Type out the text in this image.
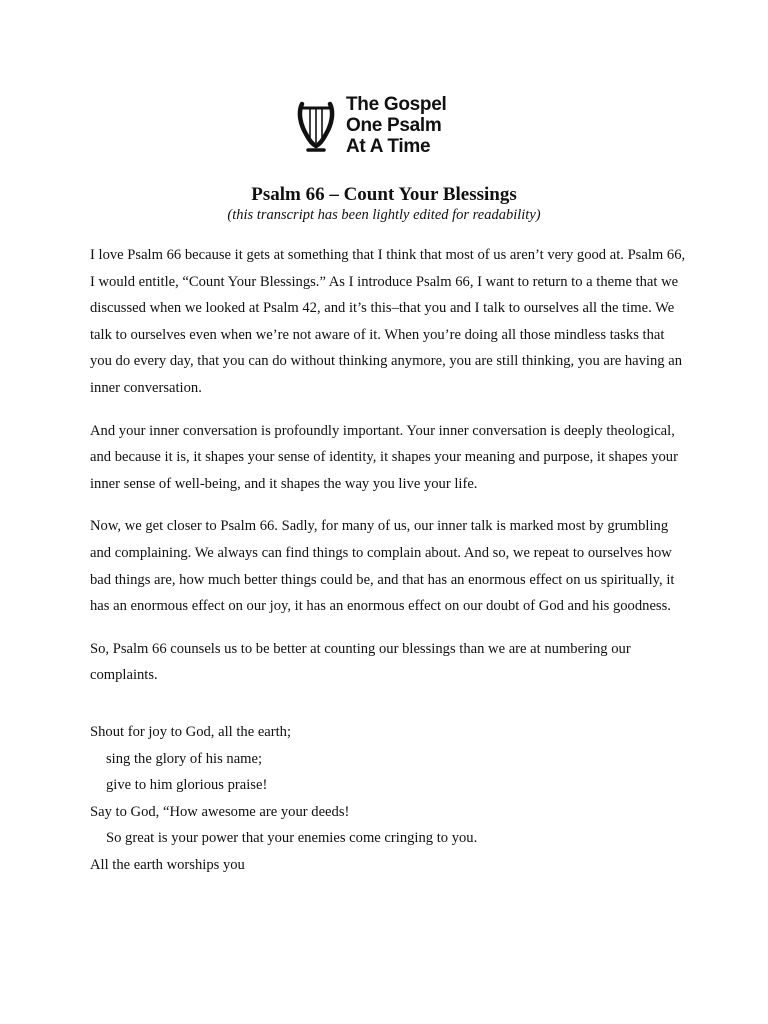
The Gospel
One Psalm
At A Time
Psalm 66 – Count Your Blessings
(this transcript has been lightly edited for readability)

I love Psalm 66 because it gets at something that I think that most of us aren’t very good at. Psalm 66, I would entitle, “Count Your Blessings.” As I introduce Psalm 66, I want to return to a theme that we discussed when we looked at Psalm 42, and it’s this–that you and I talk to ourselves all the time. We talk to ourselves even when we’re not aware of it. When you’re doing all those mindless tasks that you do every day, that you can do without thinking anymore, you are still thinking, you are having an inner conversation.

And your inner conversation is profoundly important. Your inner conversation is deeply theological, and because it is, it shapes your sense of identity, it shapes your meaning and purpose, it shapes your inner sense of well-being, and it shapes the way you live your life.

Now, we get closer to Psalm 66. Sadly, for many of us, our inner talk is marked most by grumbling and complaining. We always can find things to complain about. And so, we repeat to ourselves how bad things are, how much better things could be, and that has an enormous effect on us spiritually, it has an enormous effect on our joy, it has an enormous effect on our doubt of God and his goodness.

So, Psalm 66 counsels us to be better at counting our blessings than we are at numbering our complaints.

Shout for joy to God, all the earth;
sing the glory of his name;
give to him glorious praise!
Say to God, “How awesome are your deeds!
So great is your power that your enemies come cringing to you.
All the earth worships you
